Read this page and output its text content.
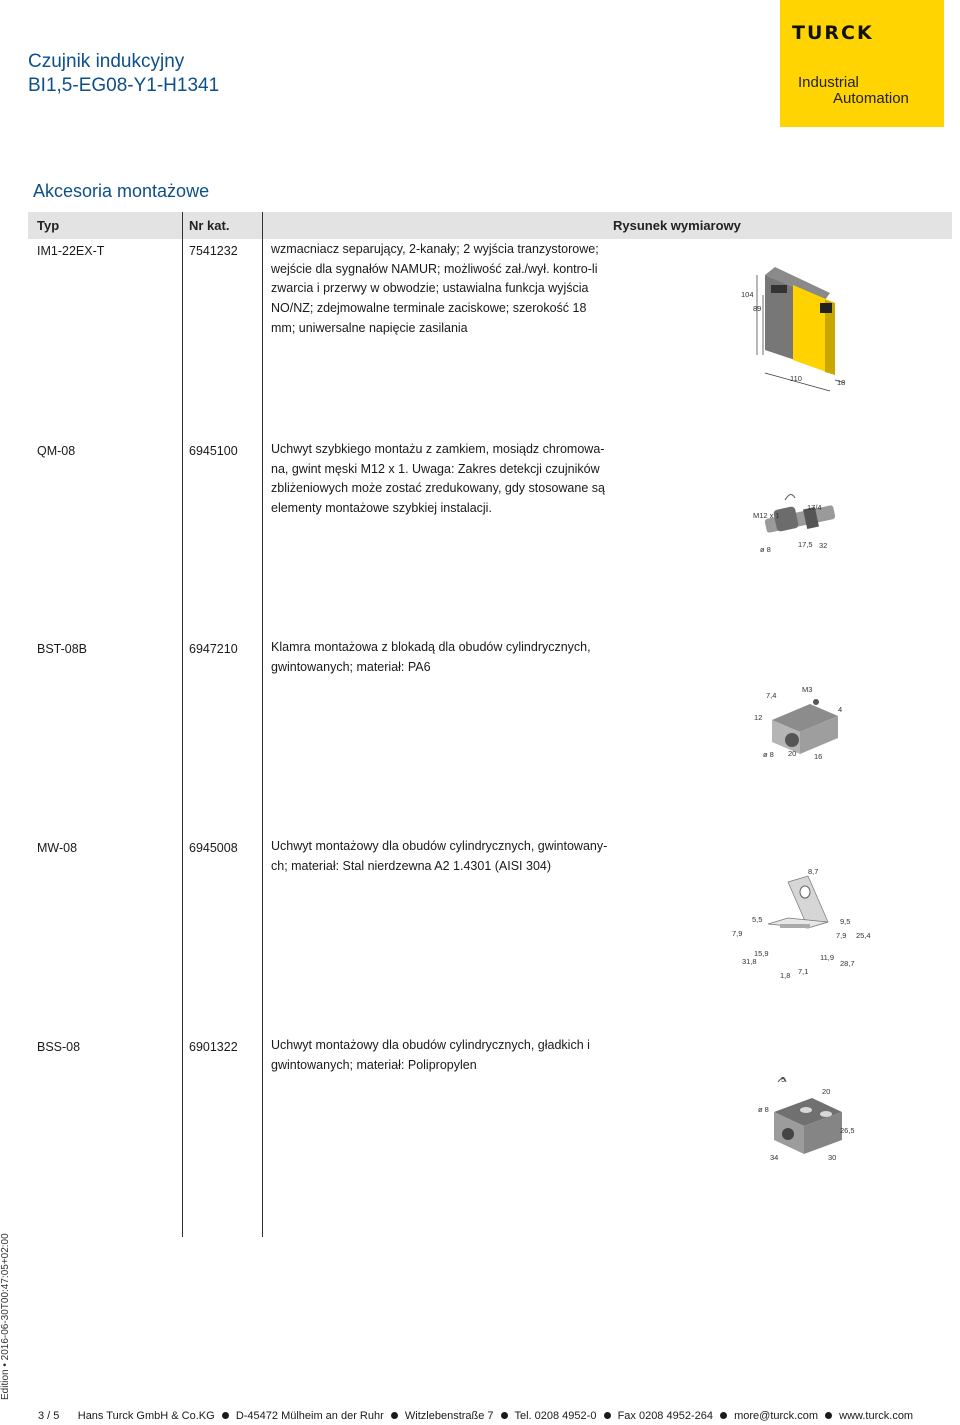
Czujnik indukcyjny
BI1,5-EG08-Y1-H1341
TURCK
Industrial
Automation
Akcesoria montażowe
Typ	Nr kat.	Rysunek wymiarowy
IM1-22EX-T	7541232	wzmacniacz separujący, 2-kanały; 2 wyjścia tranzystorowe; wejście dla sygnałów NAMUR; możliwość zał./wył. kontro-li zwarcia i przerwy w obwodzie; ustawialna funkcja wyjścia NO/NZ; zdejmowalne terminale zaciskowe; szerokość 18 mm; uniwersalne napięcie zasilania
104
89
110	18
QM-08	6945100	Uchwyt szybkiego montażu z zamkiem, mosiądz chromowa-na, gwint męski M12 x 1. Uwaga: Zakres detekcji czujników zbliżeniowych może zostać zredukowany, gdy stosowane są elementy montażowe szybkiej instalacji.
M12 x 1
17/4
ø 8
17,5 32
BST-08B	6947210	Klamra montażowa z blokadą dla obudów cylindrycznych, gwintowanych; materiał: PA6
7,4
M3
12
4
ø 8 20 16
MW-08	6945008	Uchwyt montażowy dla obudów cylindrycznych, gwintowany-ch; materiał: Stal nierdzewna A2 1.4301 (AISI 304)	8,7
5,5	9,5
7,9	7,9 25,4
15,9	11,9
31,8	28,7
1,8 7,1
BSS-08	6901322	Uchwyt montażowy dla obudów cylindrycznych, gładkich i gwintowanych; materiał: Polipropylen
5
20
ø 8
26,5
34	30
Edition • 2016-06-30T00:47:05+02:00
3 / 5 Hans Turck GmbH & Co.KG D-45472 Mülheim an der Ruhr Witzlebenstraße 7 Tel. 0208 4952-0 Fax 0208 4952-264 more@turck.com www.turck.com
